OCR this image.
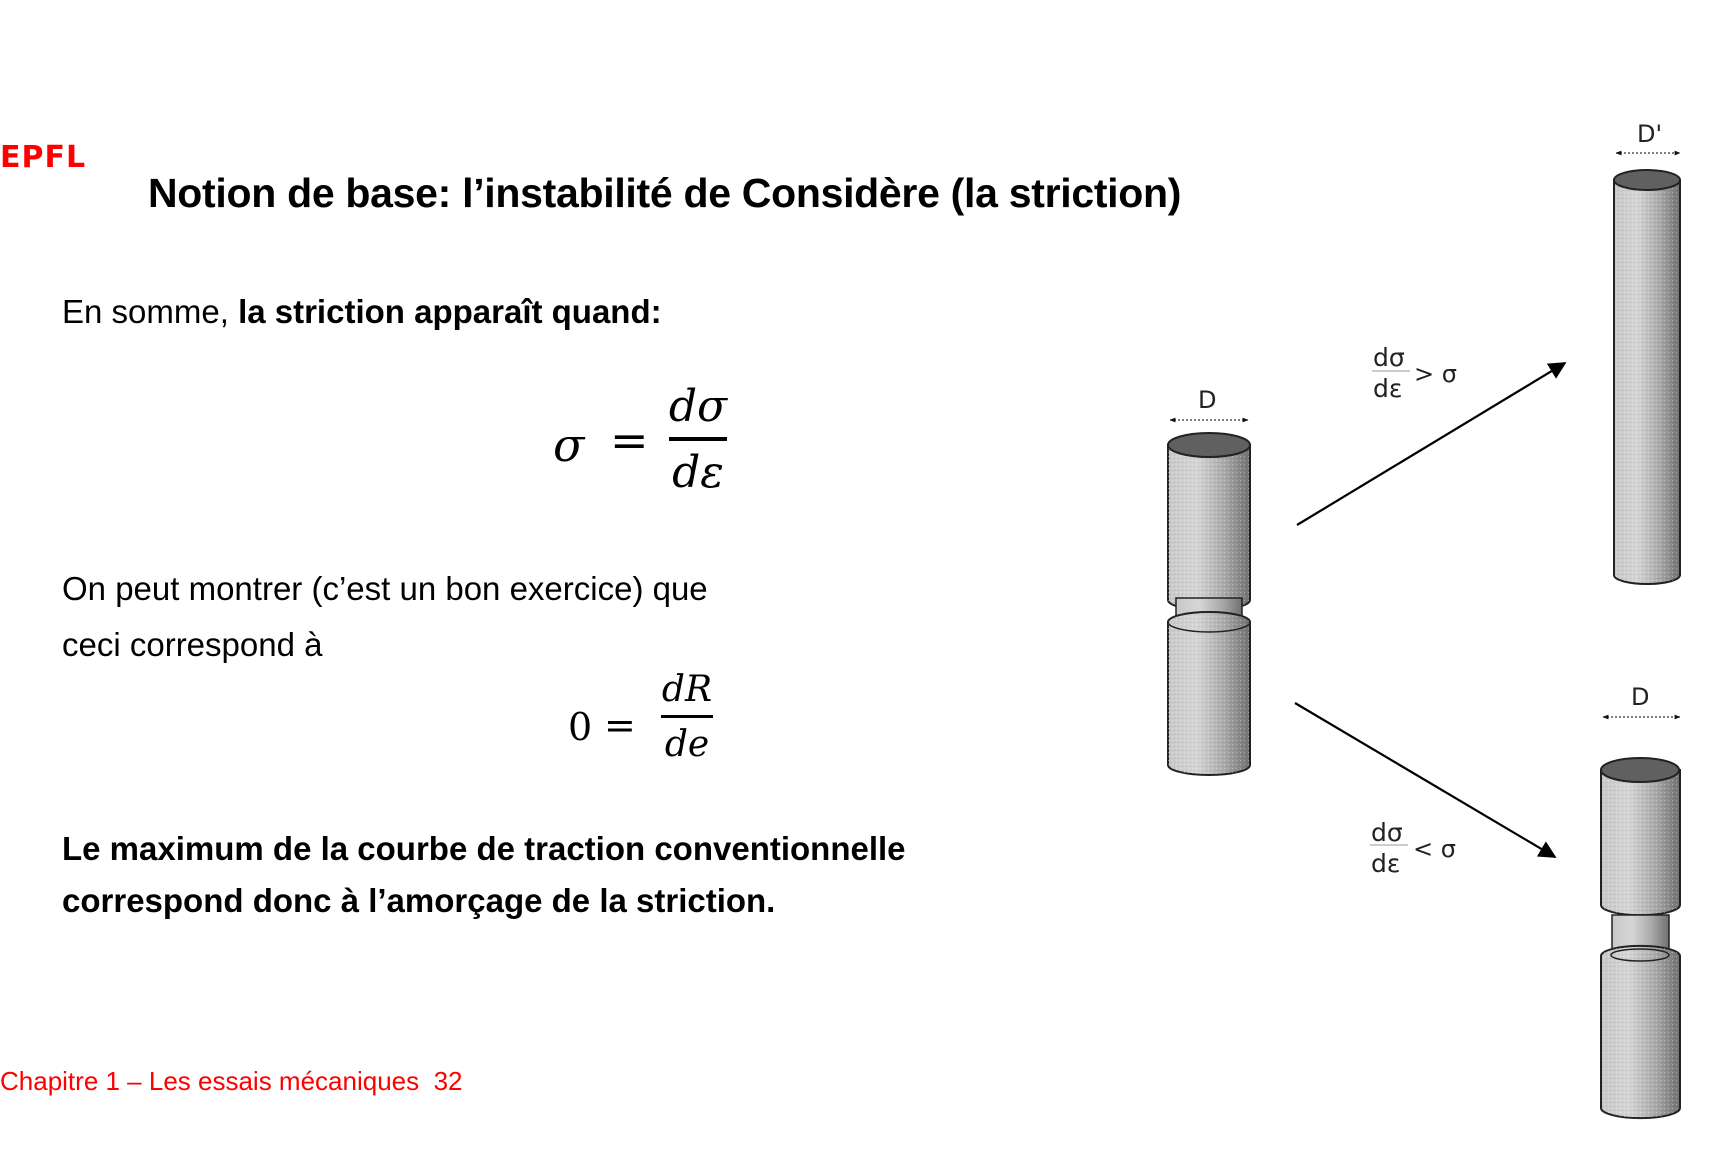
EPFL
Notion de base: l’instabilité de Considère (la striction)
En somme, la striction apparaît quand:
σ =
dσ
dε
On peut montrer (c’est un bon exercice) que
ceci correspond à
0 =
dR
de
Le maximum de la courbe de traction conventionnelle
correspond donc à l’amorçage de la striction.
Chapitre 1 – Les essais mécaniques 32
D
dσ
dε > σ
D'
dσ
dε < σ
D
